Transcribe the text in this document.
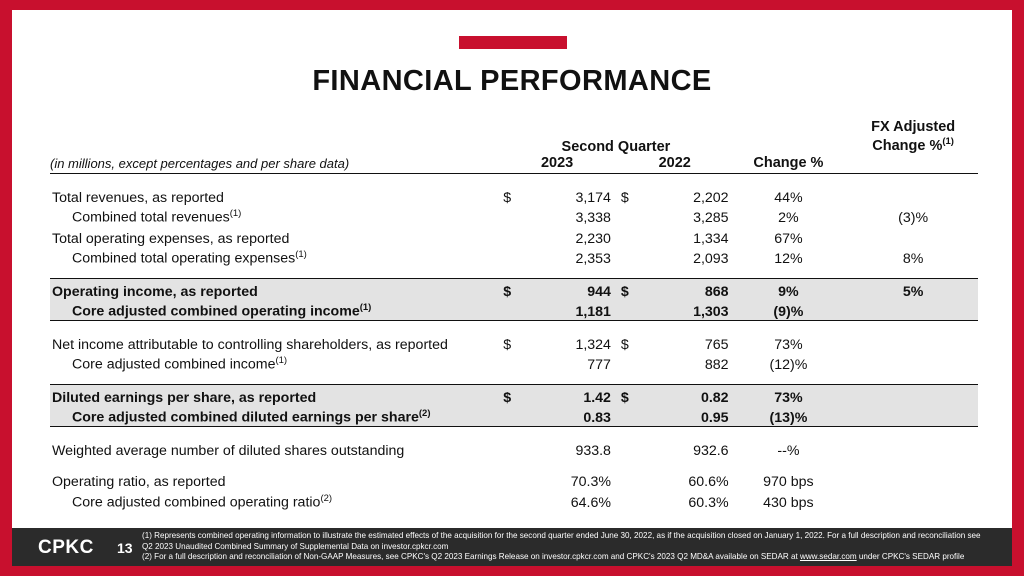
FINANCIAL PERFORMANCE
	Second Quarter						FX Adjusted
Change %$^{(1)}$
(in millions, except percentages and per share data)	2023			2022		Change %	

Total revenues, as reported	$	3,174		$	2,202	44%	
Combined total revenues$^{(1)}$		3,338			3,285	2%	(3)%
Total operating expenses, as reported		2,230			1,334	67%	
Combined total operating expenses$^{(1)}$		2,353			2,093	12%	8%

Operating income, as reported	$	944		$	868	9%	5%
Core adjusted combined operating income$^{(1)}$		1,181			1,303	(9)%	

Net income attributable to controlling shareholders, as reported	$	1,324		$	765	73%	
Core adjusted combined income$^{(1)}$		777			882	(12)%	

Diluted earnings per share, as reported	$	1.42		$	0.82	73%	
Core adjusted combined diluted earnings per share$^{(2)}$		0.83			0.95	(13)%	

Weighted average number of diluted shares outstanding		933.8			932.6	--%	

Operating ratio, as reported		70.3%			60.6%	970 bps	
Core adjusted combined operating ratio$^{(2)}$		64.6%			60.3%	430 bps	
CPKC 13
(1) Represents combined operating information to illustrate the estimated effects of the acquisition for the second quarter ended June 30, 2022, as if the acquisition closed on January 1, 2022. For a full description and reconciliation see Q2 2023 Unaudited Combined Summary of Supplemental Data on investor.cpkcr.com
(2) For a full description and reconciliation of Non-GAAP Measures, see CPKC's Q2 2023 Earnings Release on investor.cpkcr.com and CPKC's 2023 Q2 MD&A available on SEDAR at www.sedar.com under CPKC's SEDAR profile
